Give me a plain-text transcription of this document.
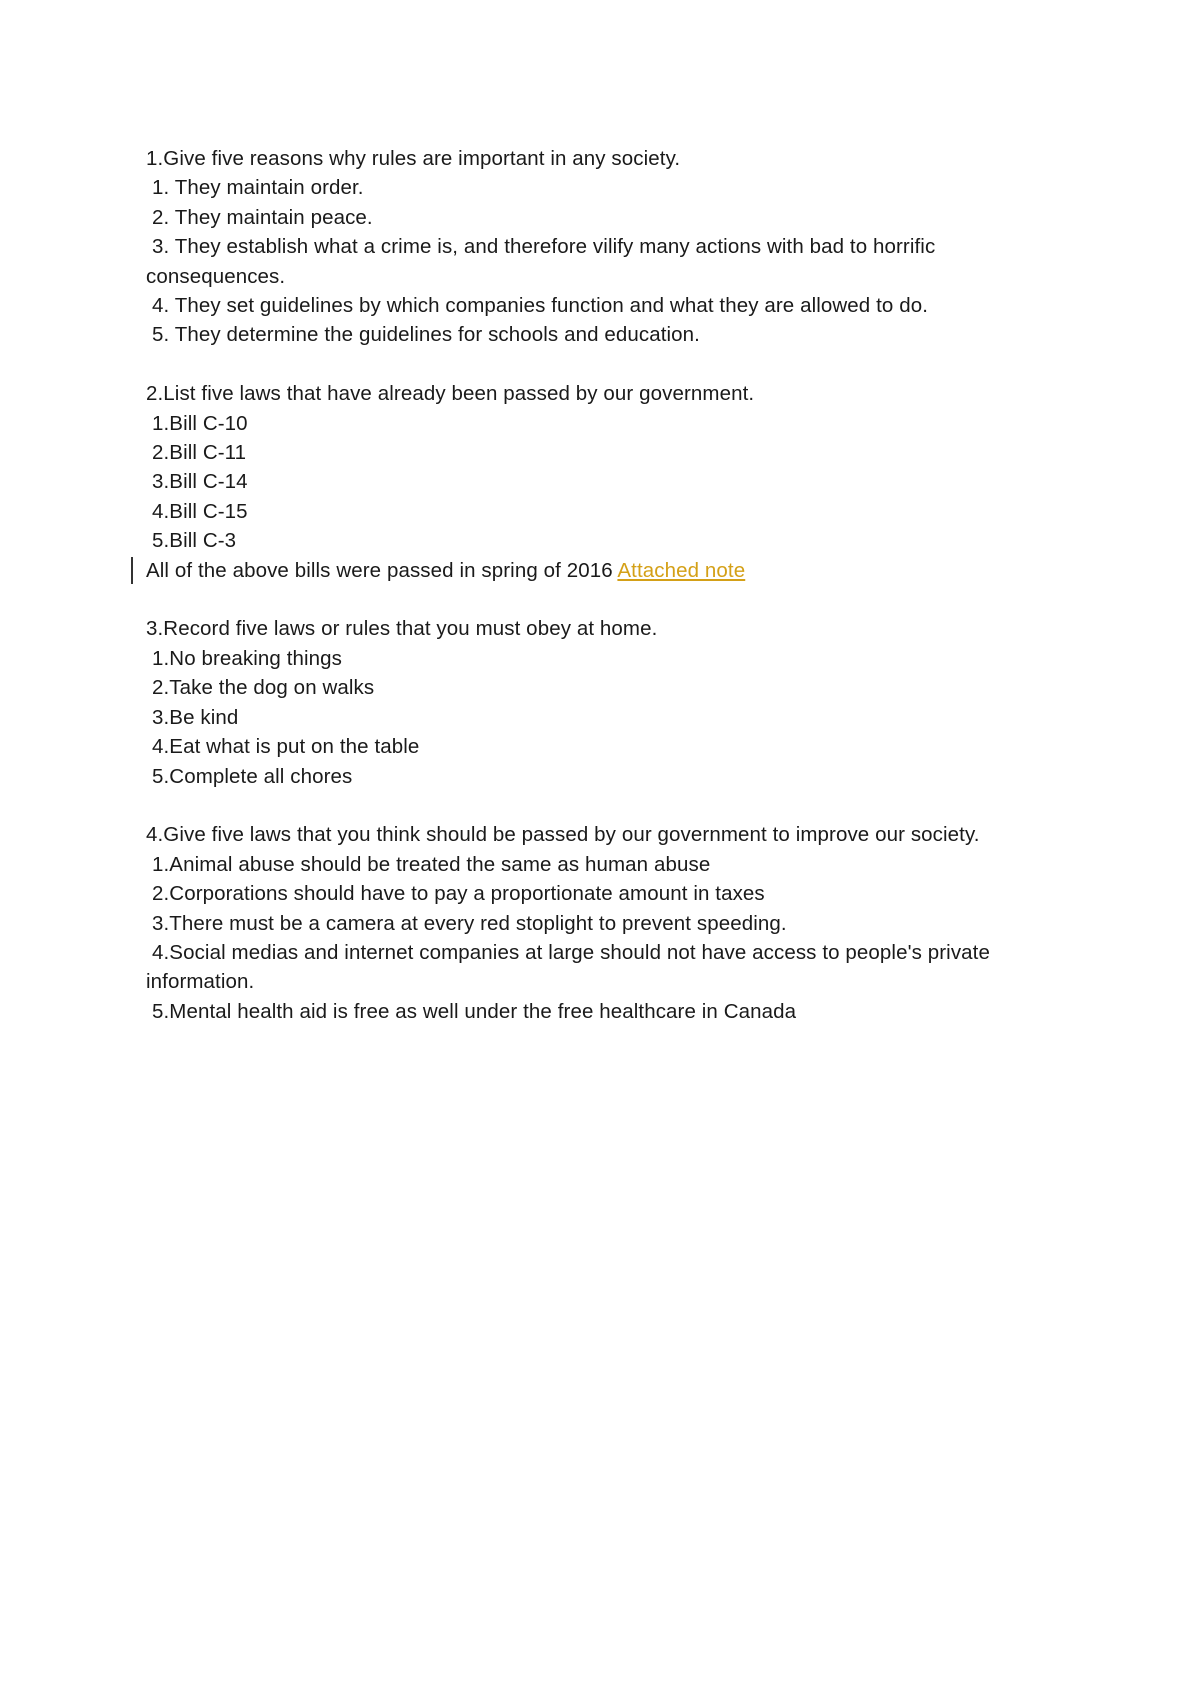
1.Give five reasons why rules are important in any society.

1. They maintain order.

2. They maintain peace.

3. They establish what a crime is, and therefore vilify many actions with bad to horrific

consequences.

4. They set guidelines by which companies function and what they are allowed to do.

5. They determine the guidelines for schools and education.

2.List five laws that have already been passed by our government.

1.Bill C-10

2.Bill C-11

3.Bill C-14

4.Bill C-15

5.Bill C-3

All of the above bills were passed in spring of 2016 Attached note

3.Record five laws or rules that you must obey at home.

1.No breaking things

2.Take the dog on walks

3.Be kind

4.Eat what is put on the table

5.Complete all chores

4.Give five laws that you think should be passed by our government to improve our society.

1.Animal abuse should be treated the same as human abuse

2.Corporations should have to pay a proportionate amount in taxes

3.There must be a camera at every red stoplight to prevent speeding.

4.Social medias and internet companies at large should not have access to people's private

information.

5.Mental health aid is free as well under the free healthcare in Canada
